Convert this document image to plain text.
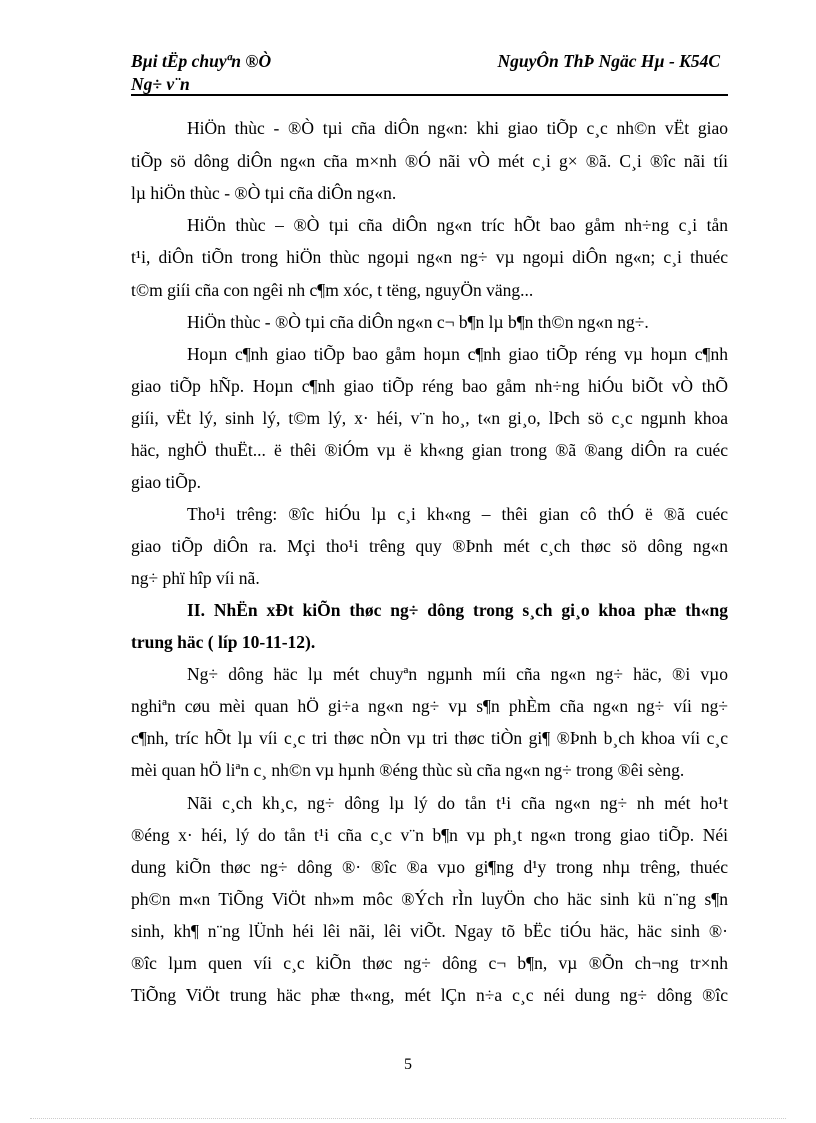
Bµi tËp chuyªn ®Ò
Ng÷ v¨n
NguyÔn ThÞ Ngäc Hµ - K54C
HiÖn thùc - ®Ò tµi cña diÔn ng«n: khi giao tiÕp c¸c nh©n vËt giao
tiÕp sö dông diÔn ng«n cña m×nh ®Ó nãi vÒ mét c¸i g× ®ã. C¸i ®îc nãi tíi
lµ hiÖn thùc - ®Ò tµi cña diÔn ng«n.
HiÖn thùc – ®Ò tµi cña diÔn ng«n tríc hÕt bao gåm nh÷ng c¸i tån
t¹i, diÔn tiÕn trong hiÖn thùc ngoµi ng«n ng÷ vµ ngoµi diÔn ng«n; c¸i thuéc
t©m giíi cña con ngêi nh c¶m xóc, t tëng, nguyÖn väng...
HiÖn thùc - ®Ò tµi cña diÔn ng«n c¬ b¶n lµ b¶n th©n ng«n ng÷.
Hoµn c¶nh giao tiÕp bao gåm hoµn c¶nh giao tiÕp réng vµ hoµn c¶nh
giao tiÕp hÑp. Hoµn c¶nh giao tiÕp réng bao gåm nh÷ng hiÓu biÕt vÒ thÕ
giíi, vËt lý, sinh lý, t©m lý, x· héi, v¨n ho¸, t«n gi¸o, lÞch sö c¸c ngµnh khoa
häc, nghÖ thuËt... ë thêi ®iÓm vµ ë kh«ng gian trong ®ã ®ang diÔn ra cuéc
giao tiÕp.
Tho¹i trêng: ®îc hiÓu lµ c¸i kh«ng – thêi gian cô thÓ ë ®ã cuéc
giao tiÕp diÔn ra. Mçi tho¹i trêng quy ®Þnh mét c¸ch thøc sö dông ng«n
ng÷ phï hîp víi nã.
II. NhËn xÐt kiÕn thøc ng÷ dông trong s¸ch gi¸o khoa phæ th«ng
trung häc ( líp 10-11-12).
Ng÷ dông häc lµ mét chuyªn ngµnh míi cña ng«n ng÷ häc, ®i vµo
nghiªn cøu mèi quan hÖ gi÷a ng«n ng÷ vµ s¶n phÈm cña ng«n ng÷ víi ng÷
c¶nh, tríc hÕt lµ víi c¸c tri thøc nÒn vµ tri thøc tiÒn gi¶ ®Þnh b¸ch khoa víi c¸c
mèi quan hÖ liªn c¸ nh©n vµ hµnh ®éng thùc sù cña ng«n ng÷ trong ®êi sèng.
Nãi c¸ch kh¸c, ng÷ dông lµ lý do tån t¹i cña ng«n ng÷ nh mét ho¹t
®éng x· héi, lý do tån t¹i cña c¸c v¨n b¶n vµ ph¸t ng«n trong giao tiÕp. Néi
dung kiÕn thøc ng÷ dông ®· ®îc ®a vµo gi¶ng d¹y trong nhµ trêng, thuéc
ph©n m«n TiÕng ViÖt nh»m môc ®Ých rÌn luyÖn cho häc sinh kü n¨ng s¶n
sinh, kh¶ n¨ng lÜnh héi lêi nãi, lêi viÕt. Ngay tõ bËc tiÓu häc, häc sinh ®·
®îc lµm quen víi c¸c kiÕn thøc ng÷ dông c¬ b¶n, vµ ®Õn ch¬ng tr×nh
TiÕng ViÖt trung häc phæ th«ng, mét lÇn n÷a c¸c néi dung ng÷ dông ®îc
5
